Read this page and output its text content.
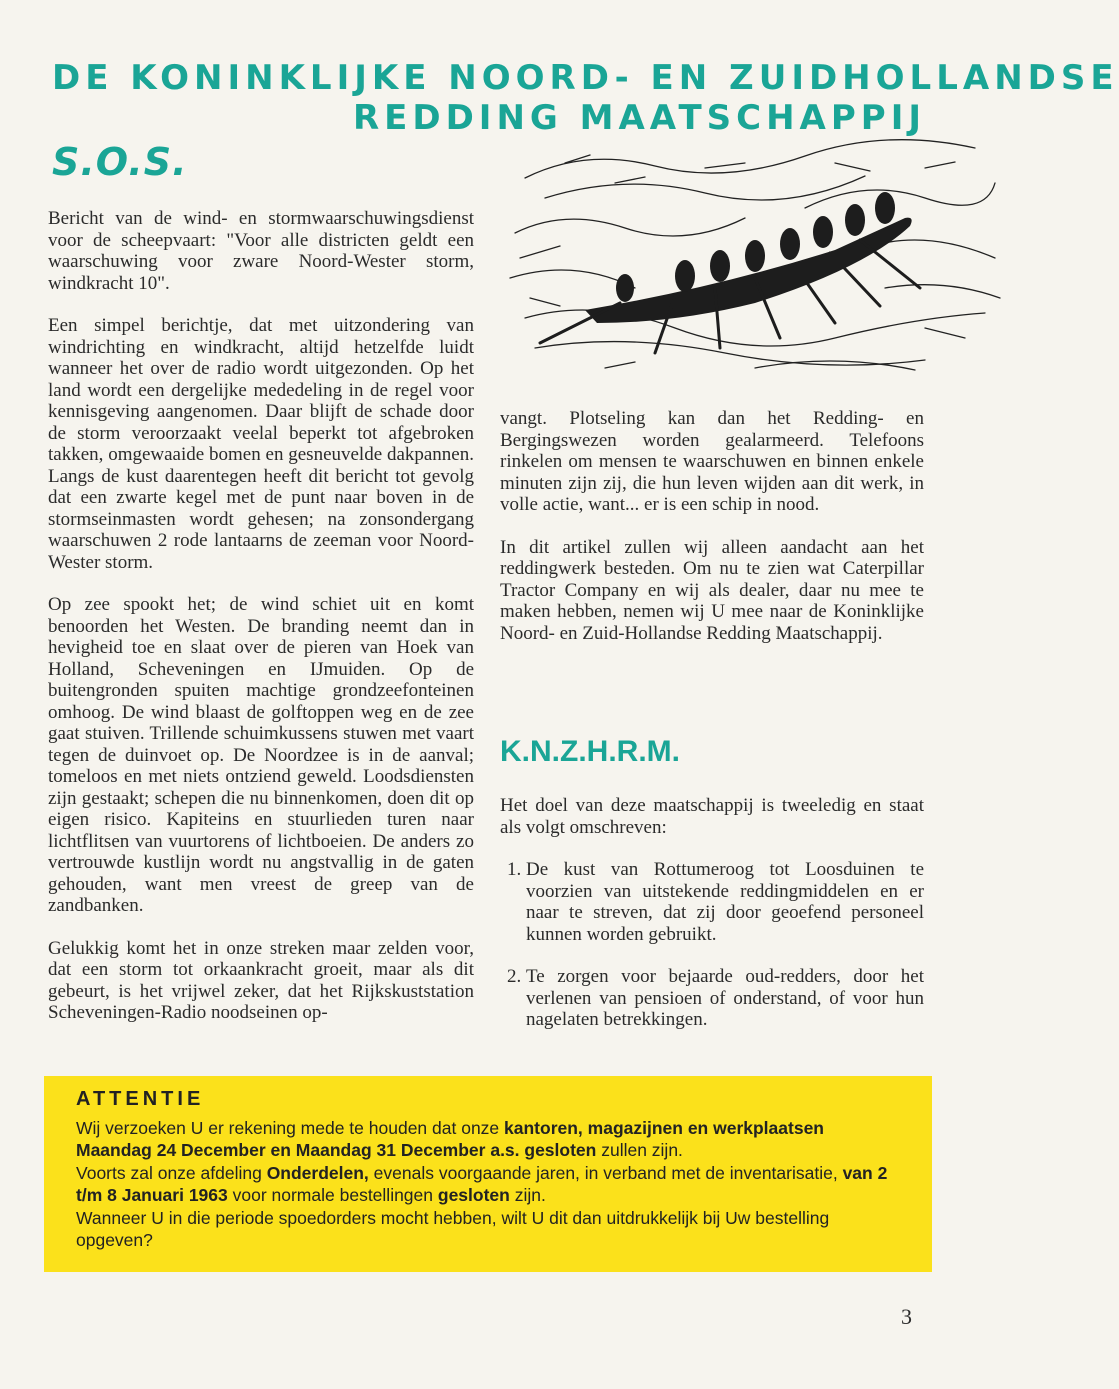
DE KONINKLIJKE NOORD- EN ZUIDHOLLANDSE
REDDING MAATSCHAPPIJ
S.O.S.

Bericht van de wind- en stormwaarschuwingsdienst voor de scheepvaart: "Voor alle districten geldt een waarschuwing voor zware Noord-Wester storm, windkracht 10".

Een simpel berichtje, dat met uitzondering van windrichting en windkracht, altijd hetzelfde luidt wanneer het over de radio wordt uitgezonden. Op het land wordt een dergelijke mededeling in de regel voor kennisgeving aangenomen. Daar blijft de schade door de storm veroorzaakt veelal beperkt tot afgebroken takken, omgewaaide bomen en gesneuvelde dakpannen. Langs de kust daarentegen heeft dit bericht tot gevolg dat een zwarte kegel met de punt naar boven in de stormseinmasten wordt gehesen; na zonsondergang waarschuwen 2 rode lantaarns de zeeman voor Noord-Wester storm.

Op zee spookt het; de wind schiet uit en komt benoorden het Westen. De branding neemt dan in hevigheid toe en slaat over de pieren van Hoek van Holland, Scheveningen en IJmuiden. Op de buitengronden spuiten machtige grondzeefonteinen omhoog. De wind blaast de golftoppen weg en de zee gaat stuiven. Trillende schuimkussens stuwen met vaart tegen de duinvoet op. De Noordzee is in de aanval; tomeloos en met niets ontziend geweld. Loodsdiensten zijn gestaakt; schepen die nu binnenkomen, doen dit op eigen risico. Kapiteins en stuurlieden turen naar lichtflitsen van vuurtorens of lichtboeien. De anders zo vertrouwde kustlijn wordt nu angstvallig in de gaten gehouden, want men vreest de greep van de zandbanken.

Gelukkig komt het in onze streken maar zelden voor, dat een storm tot orkaankracht groeit, maar als dit gebeurt, is het vrijwel zeker, dat het Rijkskuststation Scheveningen-Radio noodseinen op-

vangt. Plotseling kan dan het Redding- en Bergingswezen worden gealarmeerd. Telefoons rinkelen om mensen te waarschuwen en binnen enkele minuten zijn zij, die hun leven wijden aan dit werk, in volle actie, want... er is een schip in nood.

In dit artikel zullen wij alleen aandacht aan het reddingwerk besteden. Om nu te zien wat Caterpillar Tractor Company en wij als dealer, daar nu mee te maken hebben, nemen wij U mee naar de Koninklijke Noord- en Zuid-Hollandse Redding Maatschappij.

K.N.Z.H.R.M.

Het doel van deze maatschappij is tweeledig en staat als volgt omschreven:

1. De kust van Rottumeroog tot Loosduinen te voorzien van uitstekende reddingmiddelen en er naar te streven, dat zij door geoefend personeel kunnen worden gebruikt.
2. Te zorgen voor bejaarde oud-redders, door het verlenen van pensioen of onderstand, of voor hun nagelaten betrekkingen.
ATTENTIE

Wij verzoeken U er rekening mede te houden dat onze kantoren, magazijnen en werkplaatsen Maandag 24 December en Maandag 31 December a.s. gesloten zullen zijn.

Voorts zal onze afdeling Onderdelen, evenals voorgaande jaren, in verband met de inventarisatie, van 2 t/m 8 Januari 1963 voor normale bestellingen gesloten zijn.

Wanneer U in die periode spoedorders mocht hebben, wilt U dit dan uitdrukkelijk bij Uw bestelling opgeven?

3
